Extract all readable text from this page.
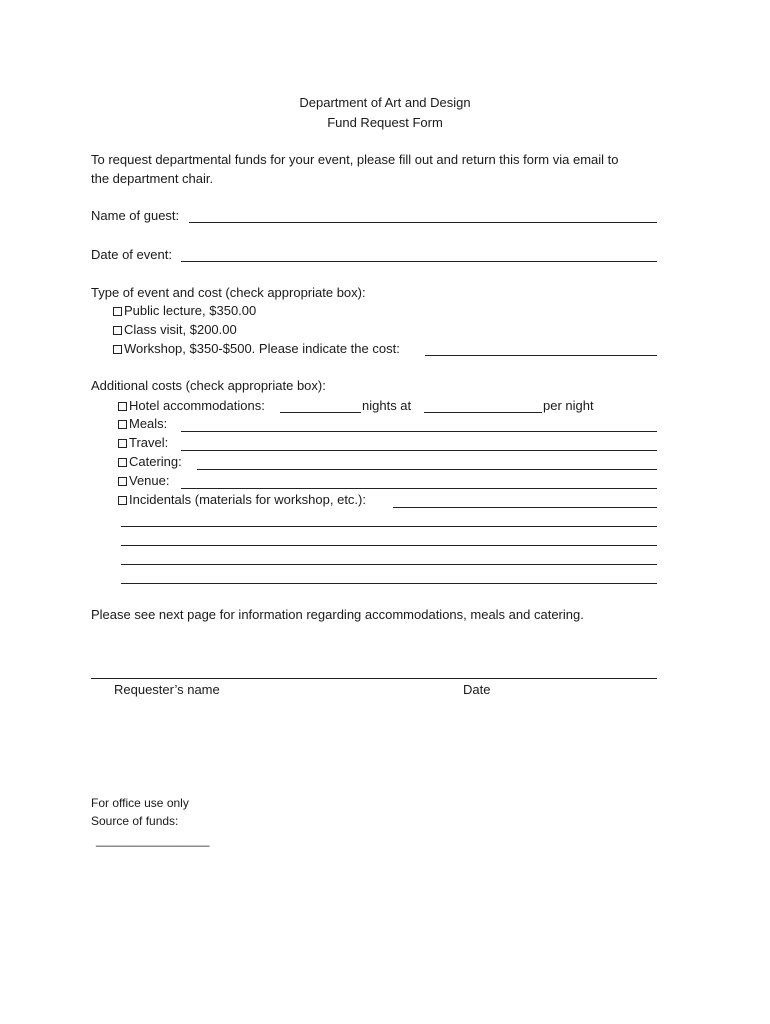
Department of Art and Design
Fund Request Form
To request departmental funds for your event, please fill out and return this form via email to
the department chair.
Name of guest:
Date of event:
Type of event and cost (check appropriate box):
Public lecture, $350.00
Class visit, $200.00
Workshop, $350-$500. Please indicate the cost:
Additional costs (check appropriate box):
Hotel accommodations:	nights at	per night
Meals:
Travel:
Catering:
Venue:
Incidentals (materials for workshop, etc.):
Please see next page for information regarding accommodations, meals and catering.
Requester’s name	Date
For office use only
Source of funds:
_________________
